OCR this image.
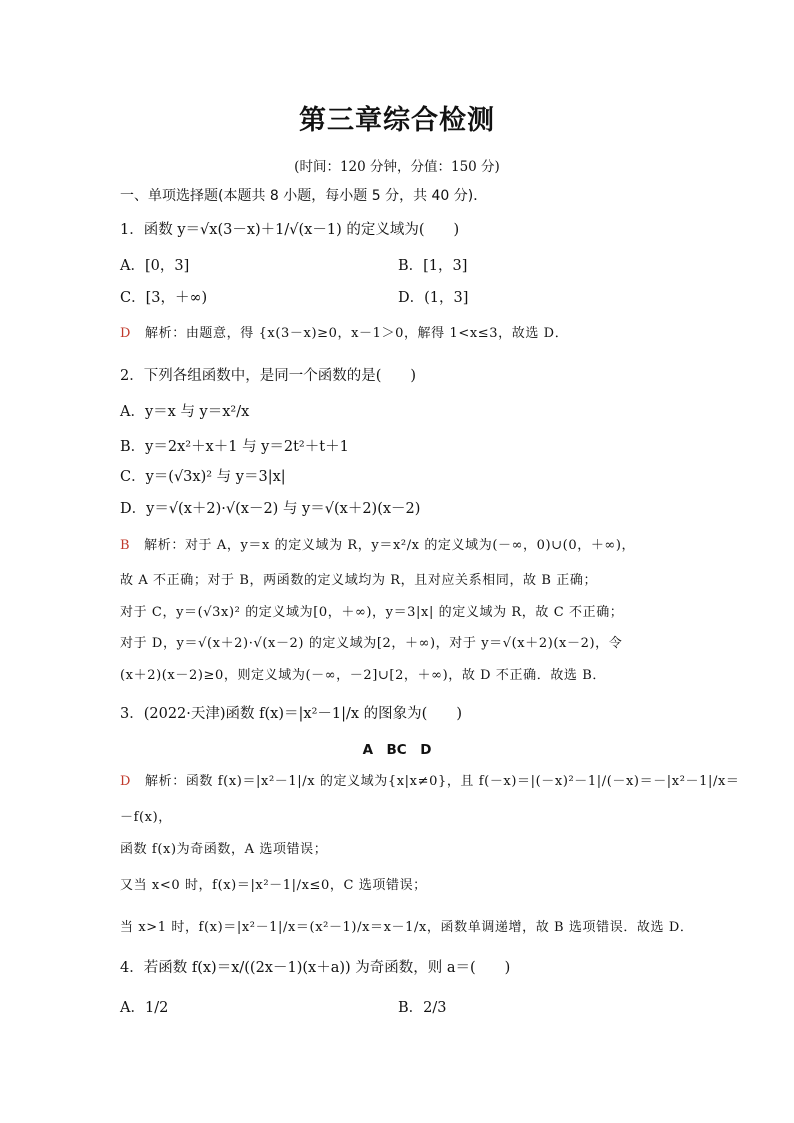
第三章综合检测
(时间：120 分钟，分值：150 分)
一、单项选择题(本题共 8 小题，每小题 5 分，共 40 分)．
1．函数 y＝√x(3－x)＋1/√(x－1) 的定义域为(　　)
A．[0，3]	B．[1，3]
C．[3，＋∞)	D．(1，3]
D 解析：由题意，得 {x(3－x)≥0，x－1＞0，解得 1<x≤3，故选 D．
2．下列各组函数中，是同一个函数的是(　　)
A．y＝x 与 y＝x²/x
B．y＝2x²＋x＋1 与 y＝2t²＋t＋1
C．y＝(√3x)² 与 y＝3|x|
D．y＝√(x＋2)·√(x－2) 与 y＝√(x＋2)(x－2)
B 解析：对于 A，y＝x 的定义域为 R，y＝x²/x 的定义域为(－∞，0)∪(0，＋∞)，
故 A 不正确；对于 B，两函数的定义域均为 R，且对应关系相同，故 B 正确；
对于 C，y＝(√3x)² 的定义域为[0，＋∞)，y＝3|x| 的定义域为 R，故 C 不正确；
对于 D，y＝√(x＋2)·√(x－2) 的定义域为[2，＋∞)，对于 y＝√(x＋2)(x－2)，令
(x＋2)(x－2)≥0，则定义域为(－∞，－2]∪[2，＋∞)，故 D 不正确．故选 B．
3．(2022·天津)函数 f(x)＝|x²－1|/x 的图象为(　　)
A　BC　D
D 解析：函数 f(x)＝|x²－1|/x 的定义域为{x|x≠0}，且 f(－x)＝|(－x)²－1|/(－x)＝－|x²－1|/x＝
－f(x)，
函数 f(x)为奇函数，A 选项错误；
又当 x<0 时，f(x)＝|x²－1|/x≤0，C 选项错误；
当 x>1 时，f(x)＝|x²－1|/x＝(x²－1)/x＝x－1/x，函数单调递增，故 B 选项错误．故选 D．
4．若函数 f(x)＝x/((2x－1)(x＋a)) 为奇函数，则 a＝(　　)
A．1/2	B．2/3
